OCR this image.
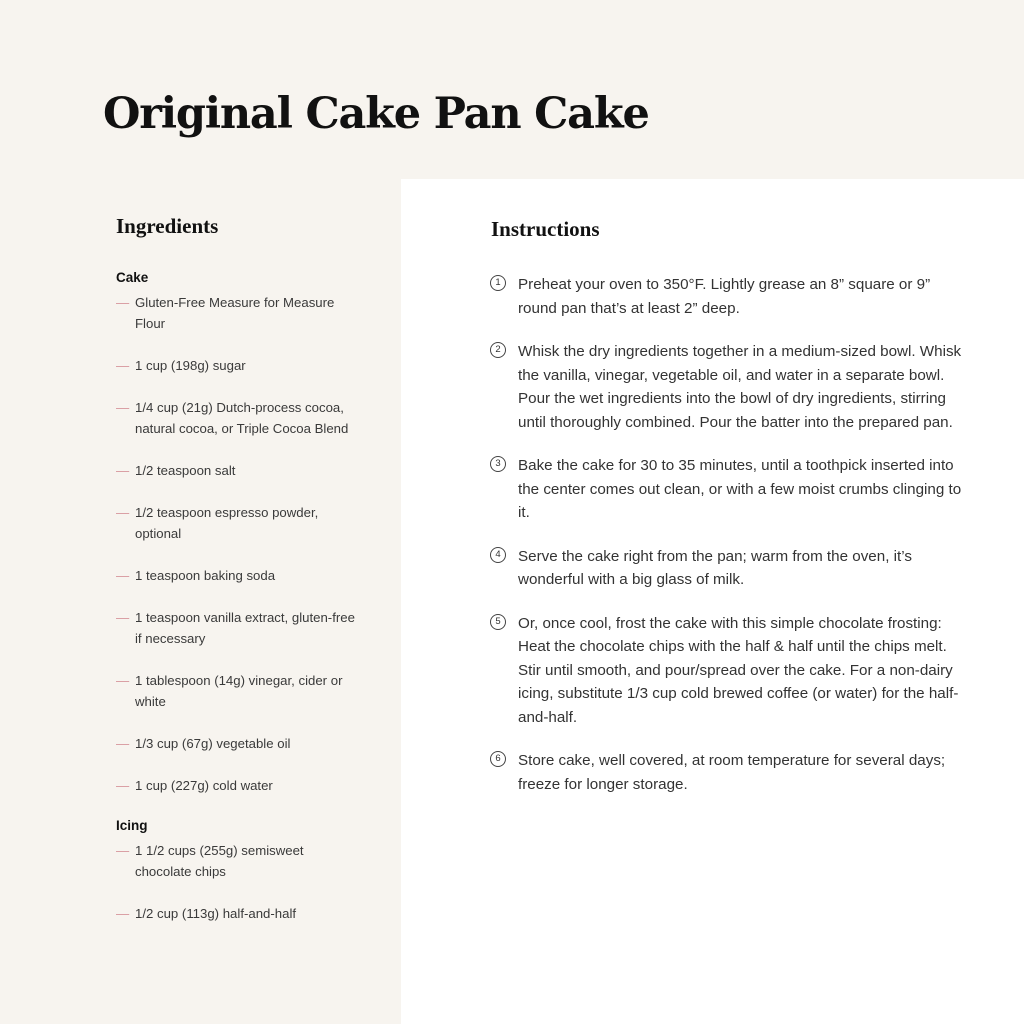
Original Cake Pan Cake
Ingredients
Cake
— Gluten-Free Measure for Measure Flour
— 1 cup (198g) sugar
— 1/4 cup (21g) Dutch-process cocoa, natural cocoa, or Triple Cocoa Blend
— 1/2 teaspoon salt
— 1/2 teaspoon espresso powder, optional
— 1 teaspoon baking soda
— 1 teaspoon vanilla extract, gluten-free if necessary
— 1 tablespoon (14g) vinegar, cider or white
— 1/3 cup (67g) vegetable oil
— 1 cup (227g) cold water
Icing
— 1 1/2 cups (255g) semisweet chocolate chips
— 1/2 cup (113g) half-and-half
Instructions
1	Preheat your oven to 350°F. Lightly grease an 8” square or 9” round pan that’s at least 2” deep.
2	Whisk the dry ingredients together in a medium-sized bowl. Whisk the vanilla, vinegar, vegetable oil, and water in a separate bowl. Pour the wet ingredients into the bowl of dry ingredients, stirring until thoroughly combined. Pour the batter into the prepared pan.
3	Bake the cake for 30 to 35 minutes, until a toothpick inserted into the center comes out clean, or with a few moist crumbs clinging to it.
4	Serve the cake right from the pan; warm from the oven, it’s wonderful with a big glass of milk.
5	Or, once cool, frost the cake with this simple chocolate frosting: Heat the chocolate chips with the half & half until the chips melt. Stir until smooth, and pour/spread over the cake. For a non-dairy icing, substitute 1/3 cup cold brewed coffee (or water) for the half-and-half.
6	Store cake, well covered, at room temperature for several days; freeze for longer storage.
